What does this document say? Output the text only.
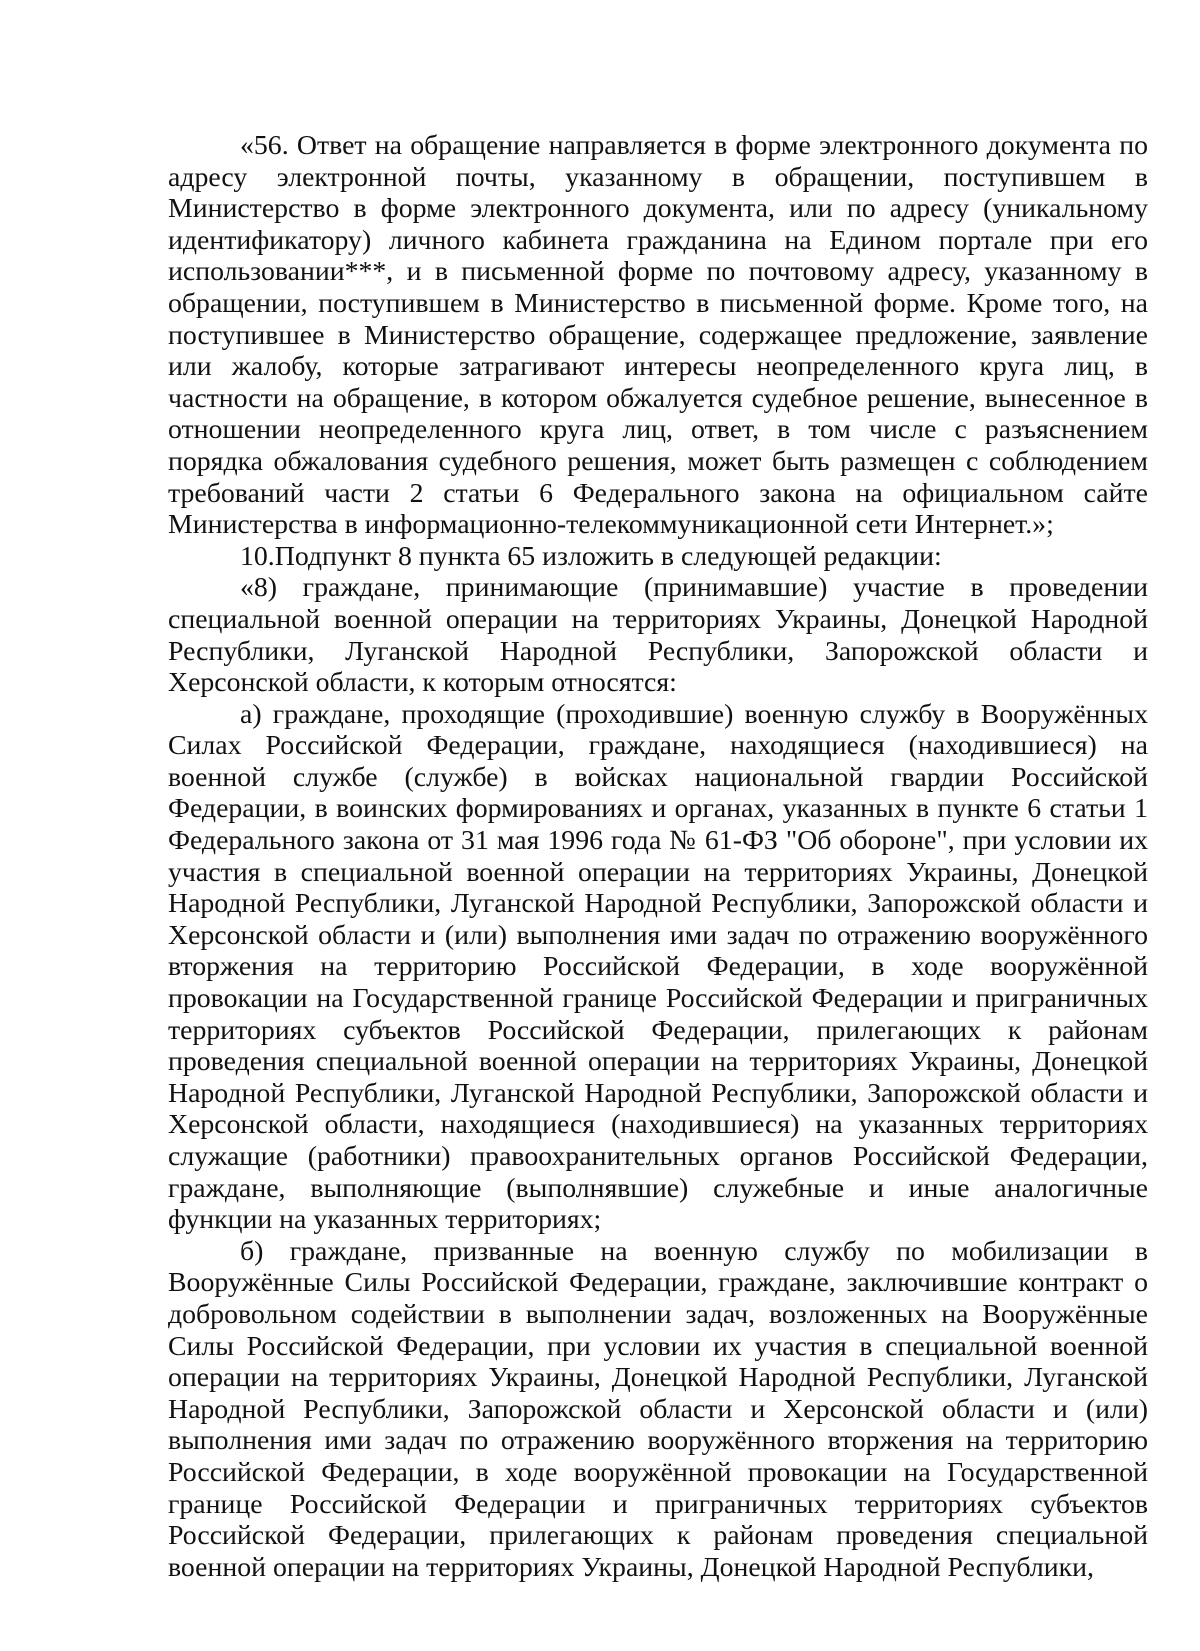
«56. Ответ на обращение направляется в форме электронного документа по адресу электронной почты, указанному в обращении, поступившем в Министерство в форме электронного документа, или по адресу (уникальному идентификатору) личного кабинета гражданина на Едином портале при его использовании***, и в письменной форме по почтовому адресу, указанному в обращении, поступившем в Министерство в письменной форме. Кроме того, на поступившее в Министерство обращение, содержащее предложение, заявление или жалобу, которые затрагивают интересы неопределенного круга лиц, в частности на обращение, в котором обжалуется судебное решение, вынесенное в отношении неопределенного круга лиц, ответ, в том числе с разъяснением порядка обжалования судебного решения, может быть размещен с соблюдением требований части 2 статьи 6 Федерального закона на официальном сайте Министерства в информационно-телекоммуникационной сети Интернет.»;

10.Подпункт 8 пункта 65 изложить в следующей редакции:

«8) граждане, принимающие (принимавшие) участие в проведении специальной военной операции на территориях Украины, Донецкой Народной Республики, Луганской Народной Республики, Запорожской области и Херсонской области, к которым относятся:

а) граждане, проходящие (проходившие) военную службу в Вооружённых Силах Российской Федерации, граждане, находящиеся (находившиеся) на военной службе (службе) в войсках национальной гвардии Российской Федерации, в воинских формированиях и органах, указанных в пункте 6 статьи 1 Федерального закона от 31 мая 1996 года № 61-ФЗ "Об обороне", при условии их участия в специальной военной операции на территориях Украины, Донецкой Народной Республики, Луганской Народной Республики, Запорожской области и Херсонской области и (или) выполнения ими задач по отражению вооружённого вторжения на территорию Российской Федерации, в ходе вооружённой провокации на Государственной границе Российской Федерации и приграничных территориях субъектов Российской Федерации, прилегающих к районам проведения специальной военной операции на территориях Украины, Донецкой Народной Республики, Луганской Народной Республики, Запорожской области и Херсонской области, находящиеся (находившиеся) на указанных территориях служащие (работники) правоохранительных органов Российской Федерации, граждане, выполняющие (выполнявшие) служебные и иные аналогичные функции на указанных территориях;

б) граждане, призванные на военную службу по мобилизации в Вооружённые Силы Российской Федерации, граждане, заключившие контракт о добровольном содействии в выполнении задач, возложенных на Вооружённые Силы Российской Федерации, при условии их участия в специальной военной операции на территориях Украины, Донецкой Народной Республики, Луганской Народной Республики, Запорожской области и Херсонской области и (или) выполнения ими задач по отражению вооружённого вторжения на территорию Российской Федерации, в ходе вооружённой провокации на Государственной границе Российской Федерации и приграничных территориях субъектов Российской Федерации, прилегающих к районам проведения специальной военной операции на территориях Украины, Донецкой Народной Республики,
